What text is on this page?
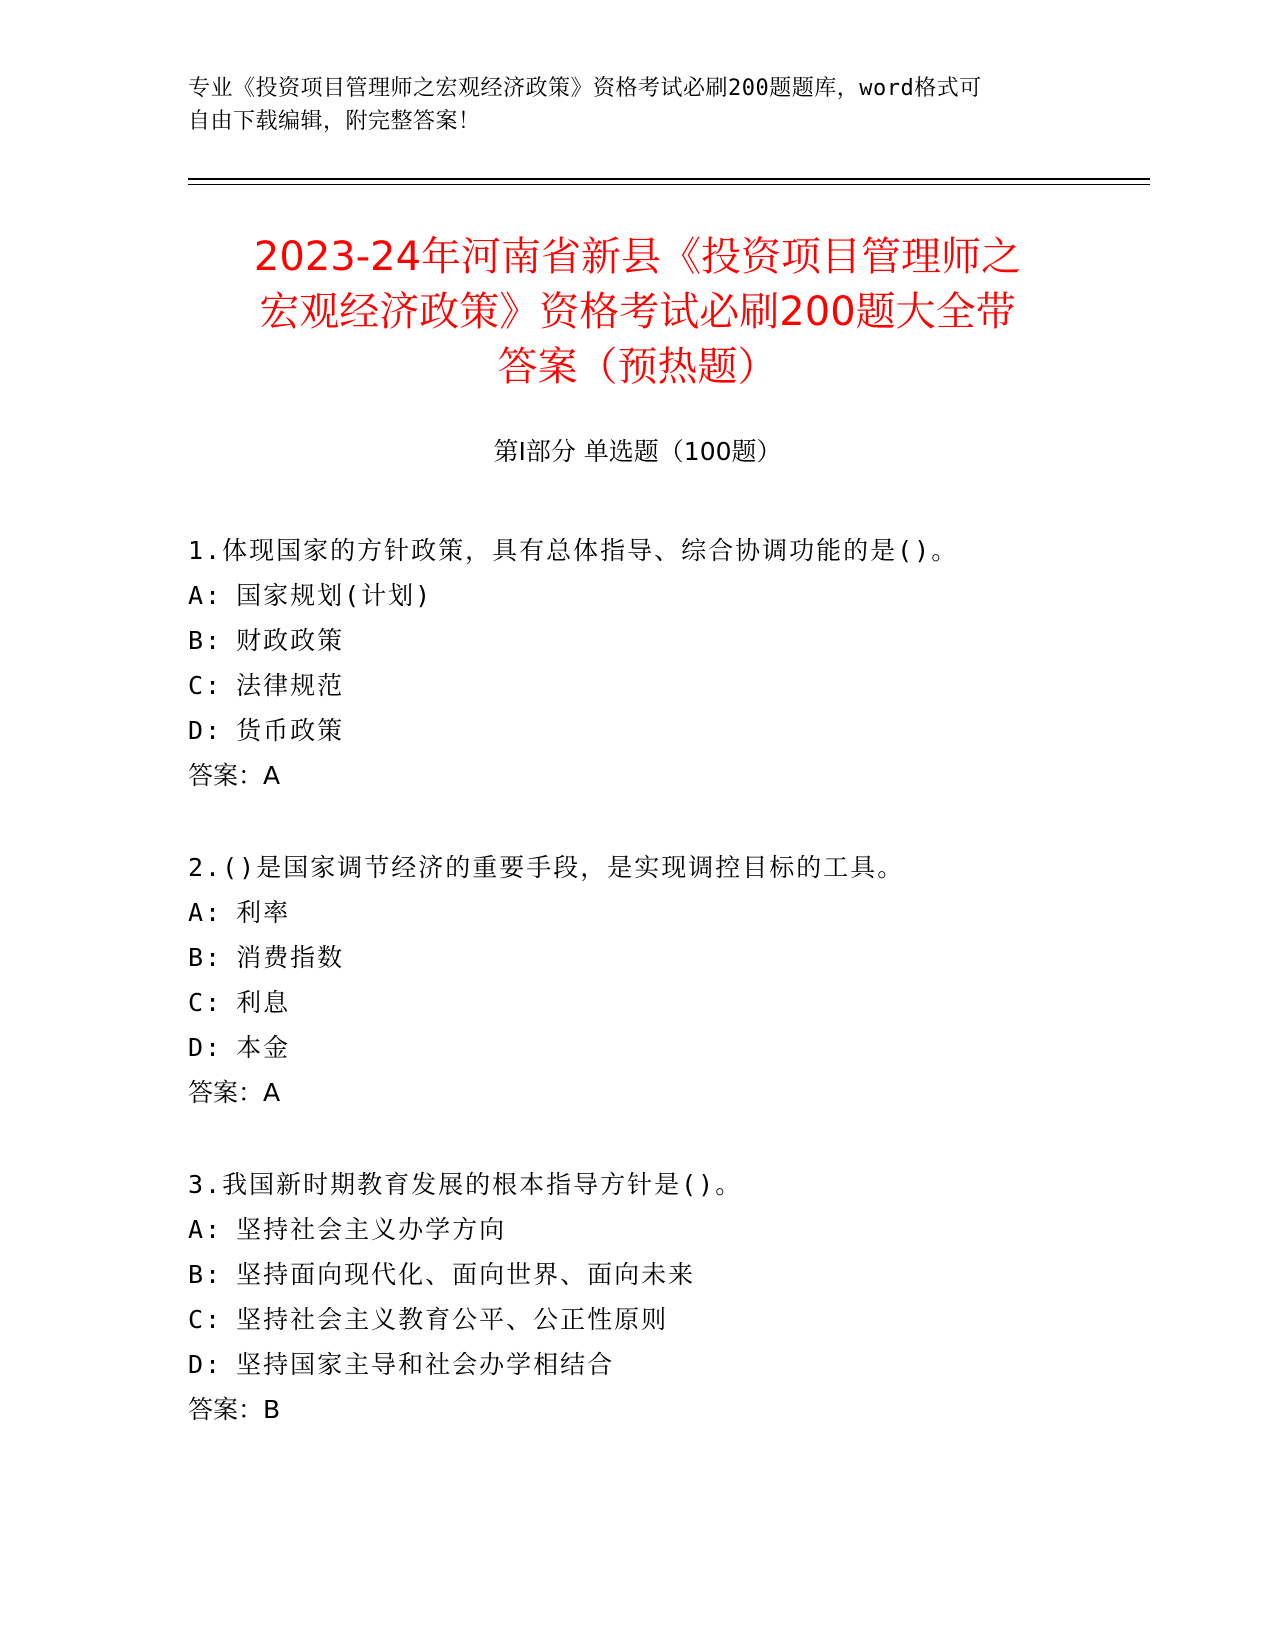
专业《投资项目管理师之宏观经济政策》资格考试必刷200题题库，word格式可
自由下载编辑，附完整答案！
2023-24年河南省新县《投资项目管理师之
宏观经济政策》资格考试必刷200题大全带
答案（预热题）
第Ⅰ部分 单选题（100题）
1.体现国家的方针政策，具有总体指导、综合协调功能的是()。
A: 国家规划(计划)
B: 财政政策
C: 法律规范
D: 货币政策
答案：A
2.()是国家调节经济的重要手段，是实现调控目标的工具。
A: 利率
B: 消费指数
C: 利息
D: 本金
答案：A
3.我国新时期教育发展的根本指导方针是()。
A: 坚持社会主义办学方向
B: 坚持面向现代化、面向世界、面向未来
C: 坚持社会主义教育公平、公正性原则
D: 坚持国家主导和社会办学相结合
答案：B
